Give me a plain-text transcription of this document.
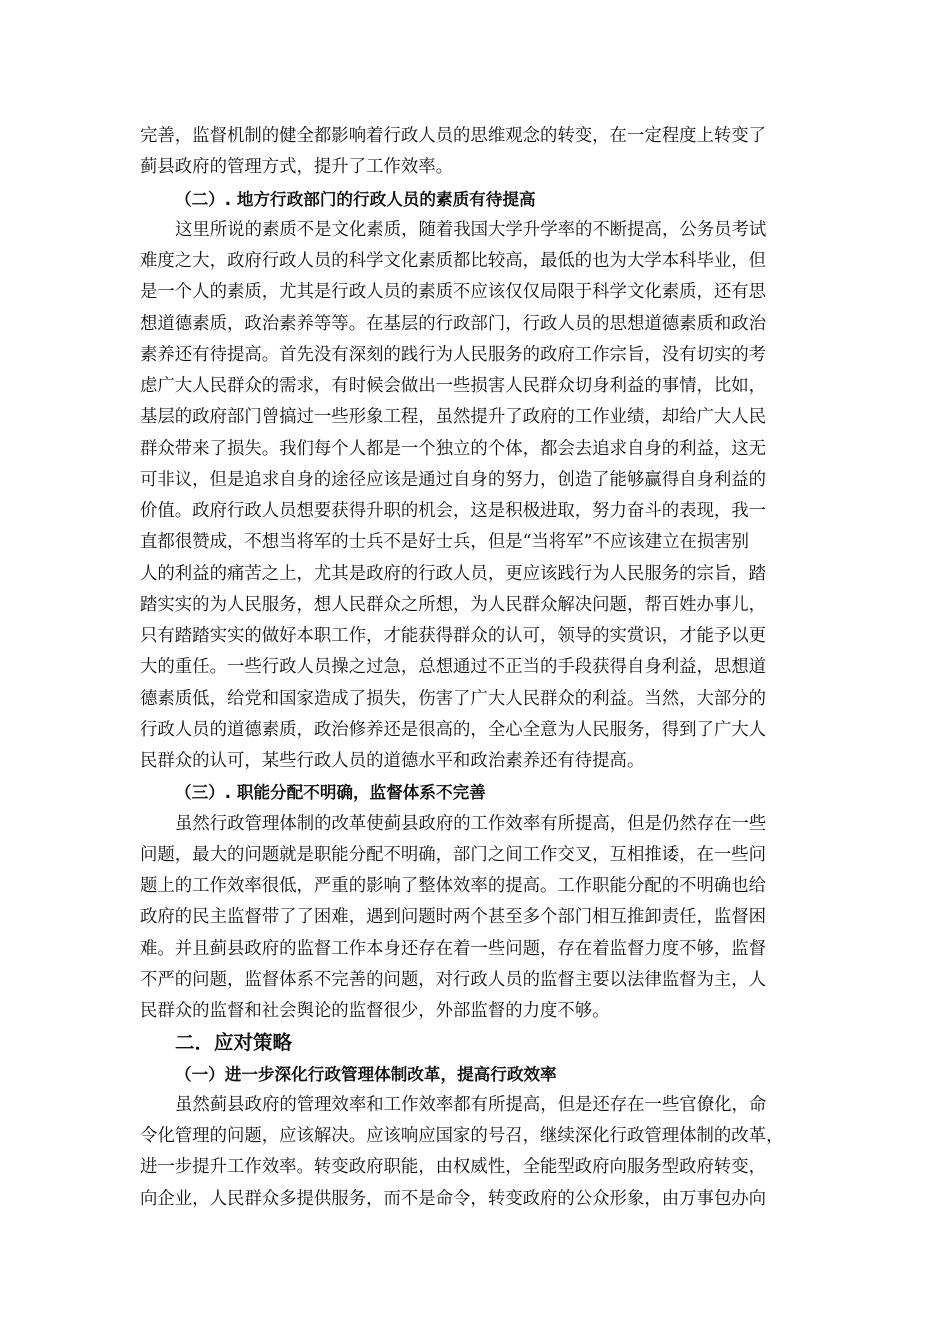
完善，监督机制的健全都影响着行政人员的思维观念的转变，在一定程度上转变了
蓟县政府的管理方式，提升了工作效率。
（二）. 地方行政部门的行政人员的素质有待提高
这里所说的素质不是文化素质，随着我国大学升学率的不断提高，公务员考试
难度之大，政府行政人员的科学文化素质都比较高，最低的也为大学本科毕业，但
是一个人的素质，尤其是行政人员的素质不应该仅仅局限于科学文化素质，还有思
想道德素质，政治素养等等。在基层的行政部门，行政人员的思想道德素质和政治
素养还有待提高。首先没有深刻的践行为人民服务的政府工作宗旨，没有切实的考
虑广大人民群众的需求，有时候会做出一些损害人民群众切身利益的事情，比如，
基层的政府部门曾搞过一些形象工程，虽然提升了政府的工作业绩，却给广大人民
群众带来了损失。我们每个人都是一个独立的个体，都会去追求自身的利益，这无
可非议，但是追求自身的途径应该是通过自身的努力，创造了能够赢得自身利益的
价值。政府行政人员想要获得升职的机会，这是积极进取，努力奋斗的表现，我一
直都很赞成，不想当将军的士兵不是好士兵，但是“当将军”不应该建立在损害别
人的利益的痛苦之上，尤其是政府的行政人员，更应该践行为人民服务的宗旨，踏
踏实实的为人民服务，想人民群众之所想，为人民群众解决问题，帮百姓办事儿，
只有踏踏实实的做好本职工作，才能获得群众的认可，领导的实赏识，才能予以更
大的重任。一些行政人员操之过急，总想通过不正当的手段获得自身利益，思想道
德素质低，给党和国家造成了损失，伤害了广大人民群众的利益。当然，大部分的
行政人员的道德素质，政治修养还是很高的，全心全意为人民服务，得到了广大人
民群众的认可，某些行政人员的道德水平和政治素养还有待提高。
（三）. 职能分配不明确，监督体系不完善
虽然行政管理体制的改革使蓟县政府的工作效率有所提高，但是仍然存在一些
问题，最大的问题就是职能分配不明确，部门之间工作交叉，互相推诿，在一些问
题上的工作效率很低，严重的影响了整体效率的提高。工作职能分配的不明确也给
政府的民主监督带了了困难，遇到问题时两个甚至多个部门相互推卸责任，监督困
难。并且蓟县政府的监督工作本身还存在着一些问题，存在着监督力度不够，监督
不严的问题，监督体系不完善的问题，对行政人员的监督主要以法律监督为主，人
民群众的监督和社会舆论的监督很少，外部监督的力度不够。
二．应对策略
（一）进一步深化行政管理体制改革，提高行政效率
虽然蓟县政府的管理效率和工作效率都有所提高，但是还存在一些官僚化，命
令化管理的问题，应该解决。应该响应国家的号召，继续深化行政管理体制的改革，
进一步提升工作效率。转变政府职能，由权威性，全能型政府向服务型政府转变，
向企业，人民群众多提供服务，而不是命令，转变政府的公众形象，由万事包办向
